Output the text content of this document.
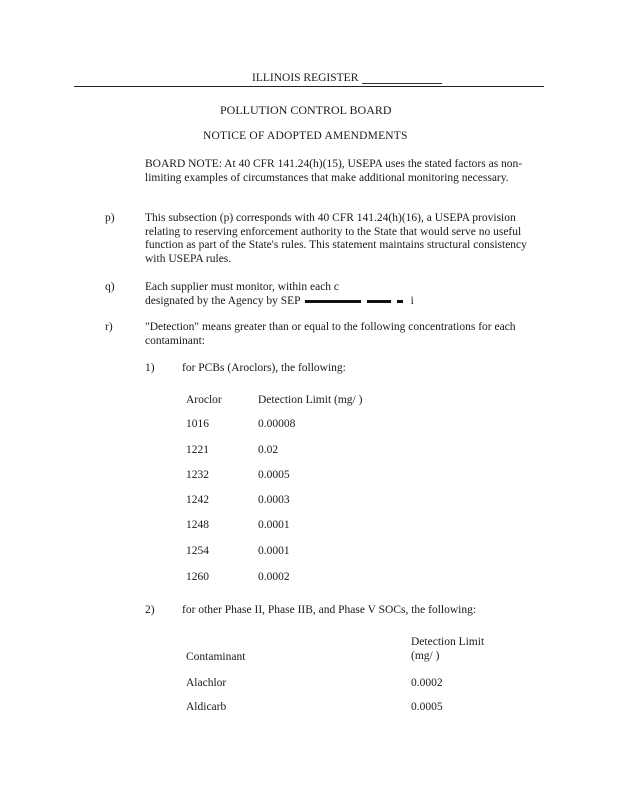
ILLINOIS REGISTER
POLLUTION CONTROL BOARD
NOTICE OF ADOPTED AMENDMENTS
BOARD NOTE: At 40 CFR 141.24(h)(15), USEPA uses the stated factors as non-limiting examples of circumstances that make additional monitoring necessary.
p)	This subsection (p) corresponds with 40 CFR 141.24(h)(16), a USEPA provision relating to reserving enforcement authority to the State that would serve no useful function as part of the State's rules. This statement maintains structural consistency with USEPA rules.
q)	Each supplier must monitor, within each c
designated by the Agency by SEP	i
r)	"Detection" means greater than or equal to the following concentrations for each contaminant:
1) for PCBs (Aroclors), the following:
Aroclor	Detection Limit (mg/ )
1016	0.00008
1221	0.02
1232	0.0005
1242	0.0003
1248	0.0001
1254	0.0001
1260	0.0002
2) for other Phase II, Phase IIB, and Phase V SOCs, the following:
Detection Limit
Contaminant	(mg/ )
Alachlor	0.0002
Aldicarb	0.0005
